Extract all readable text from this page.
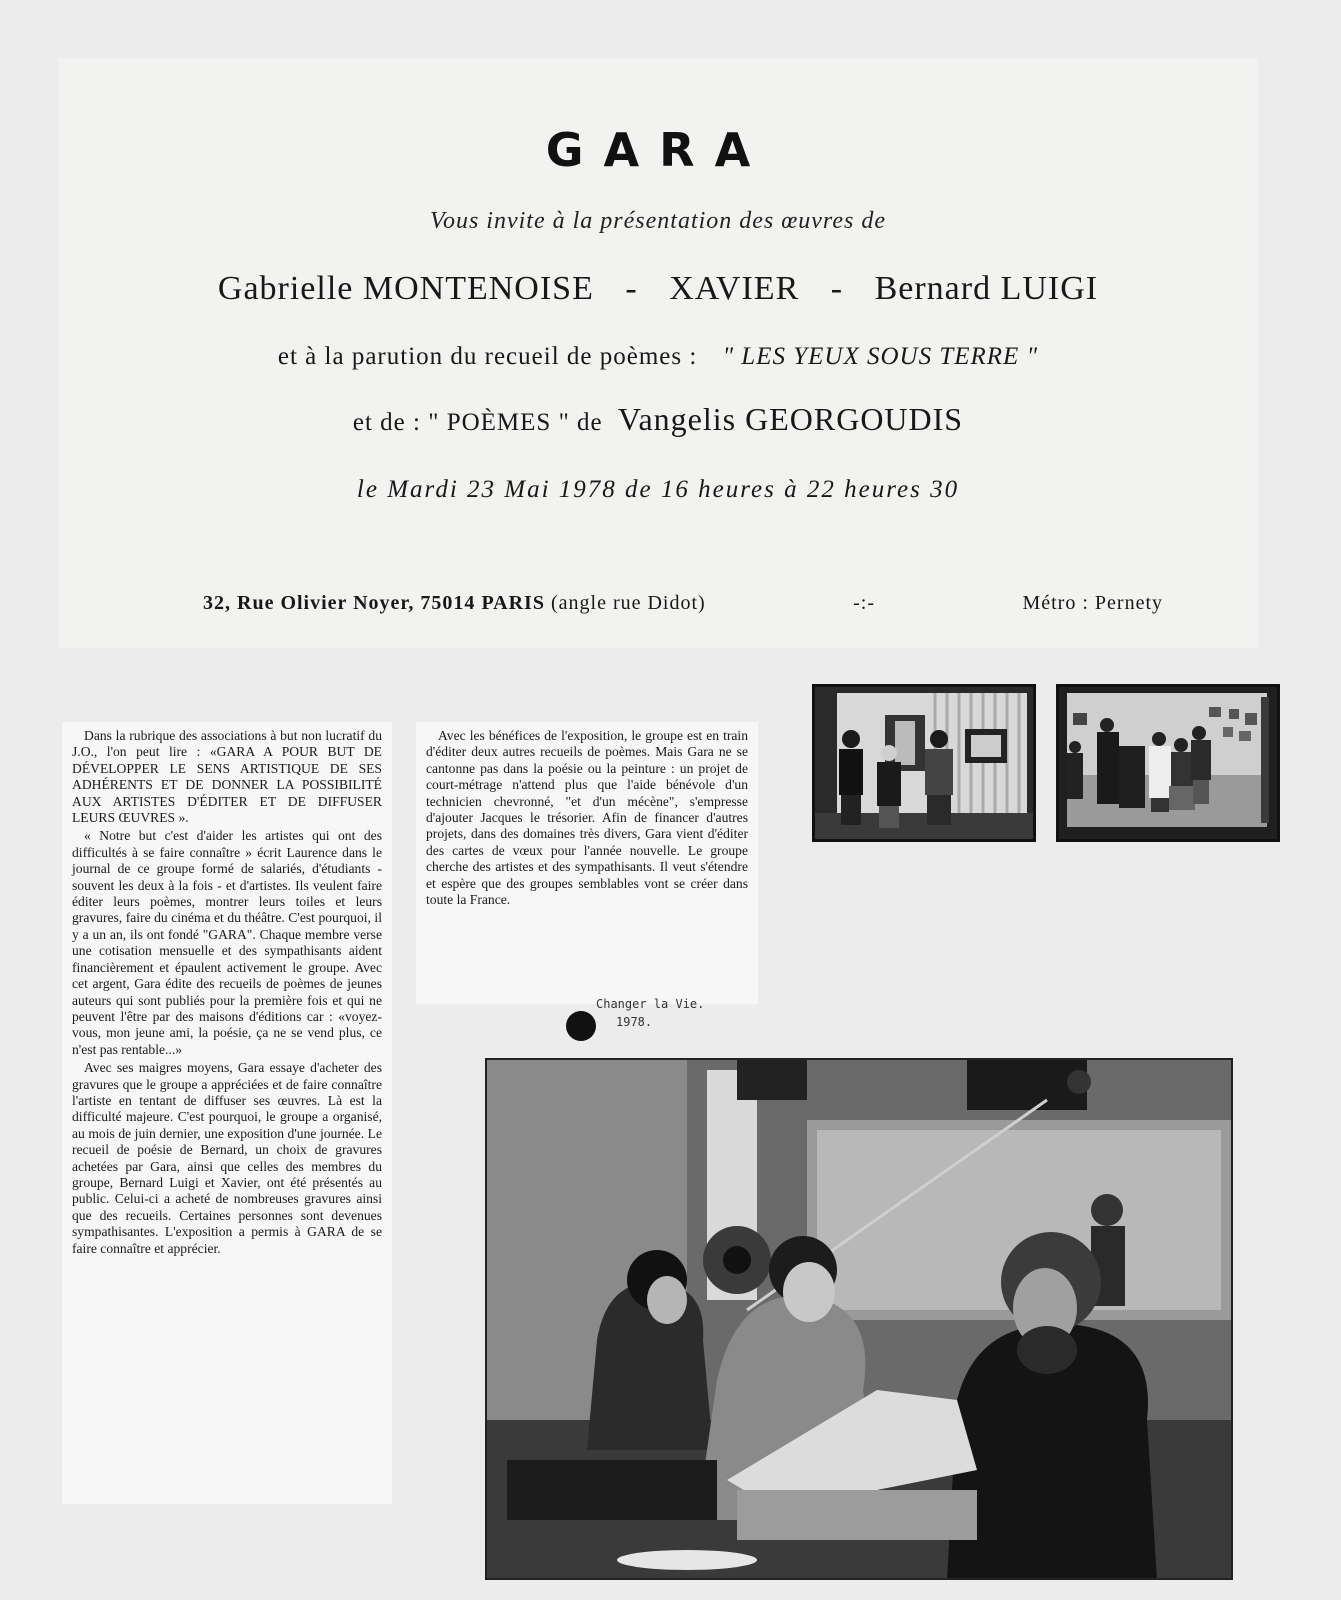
GARA
Vous invite à la présentation des œuvres de
Gabrielle MONTENOISE - XAVIER - Bernard LUIGI
et à la parution du recueil de poèmes : " LES YEUX SOUS TERRE "
et de : " POÈMES " de Vangelis GEORGOUDIS
le Mardi 23 Mai 1978 de 16 heures à 22 heures 30
32, Rue Olivier Noyer, 75014 PARIS (angle rue Didot)	-:-	Métro : Pernety

Dans la rubrique des associations à but non lucratif du J.O., l'on peut lire : «GARA A POUR BUT DE DÉVELOPPER LE SENS ARTISTIQUE DE SES ADHÉRENTS ET DE DONNER LA POSSIBILITÉ AUX ARTISTES D'ÉDITER ET DE DIFFUSER LEURS ŒUVRES ».

« Notre but c'est d'aider les artistes qui ont des difficultés à se faire connaître » écrit Laurence dans le journal de ce groupe formé de salariés, d'étudiants - souvent les deux à la fois - et d'artistes. Ils veulent faire éditer leurs poèmes, montrer leurs toiles et leurs gravures, faire du cinéma et du théâtre. C'est pourquoi, il y a un an, ils ont fondé "GARA". Chaque membre verse une cotisation mensuelle et des sympathisants aident financièrement et épaulent activement le groupe. Avec cet argent, Gara édite des recueils de poèmes de jeunes auteurs qui sont publiés pour la première fois et qui ne peuvent l'être par des maisons d'éditions car : «voyez-vous, mon jeune ami, la poésie, ça ne se vend plus, ce n'est pas rentable...»

Avec ses maigres moyens, Gara essaye d'acheter des gravures que le groupe a appréciées et de faire connaître l'artiste en tentant de diffuser ses œuvres. Là est la difficulté majeure. C'est pourquoi, le groupe a organisé, au mois de juin dernier, une exposition d'une journée. Le recueil de poésie de Bernard, un choix de gravures achetées par Gara, ainsi que celles des membres du groupe, Bernard Luigi et Xavier, ont été présentés au public. Celui-ci a acheté de nombreuses gravures ainsi que des recueils. Certaines personnes sont devenues sympathisantes. L'exposition a permis à GARA de se faire connaître et apprécier.

Avec les bénéfices de l'exposition, le groupe est en train d'éditer deux autres recueils de poèmes. Mais Gara ne se cantonne pas dans la poésie ou la peinture : un projet de court-métrage n'attend plus que l'aide bénévole d'un technicien chevronné, "et d'un mécène", s'empresse d'ajouter Jacques le trésorier. Afin de financer d'autres projets, dans des domaines très divers, Gara vient d'éditer des cartes de vœux pour l'année nouvelle. Le groupe cherche des artistes et des sympathisants. Il veut s'étendre et espère que des groupes semblables vont se créer dans toute la France.

Changer la Vie.
1978.
